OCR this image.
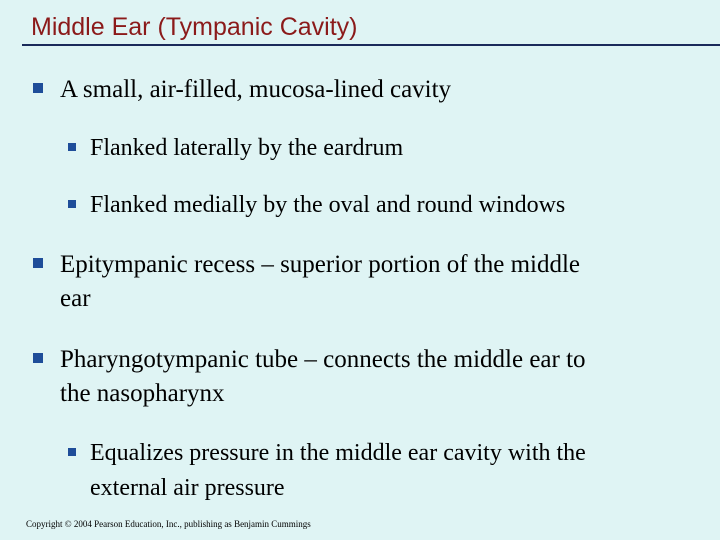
Middle Ear (Tympanic Cavity)
A small, air-filled, mucosa-lined cavity
Flanked laterally by the eardrum
Flanked medially by the oval and round windows
Epitympanic recess – superior portion of the middle
ear
Pharyngotympanic tube – connects the middle ear to
the nasopharynx
Equalizes pressure in the middle ear cavity with the
external air pressure
Copyright © 2004 Pearson Education, Inc., publishing as Benjamin Cummings
